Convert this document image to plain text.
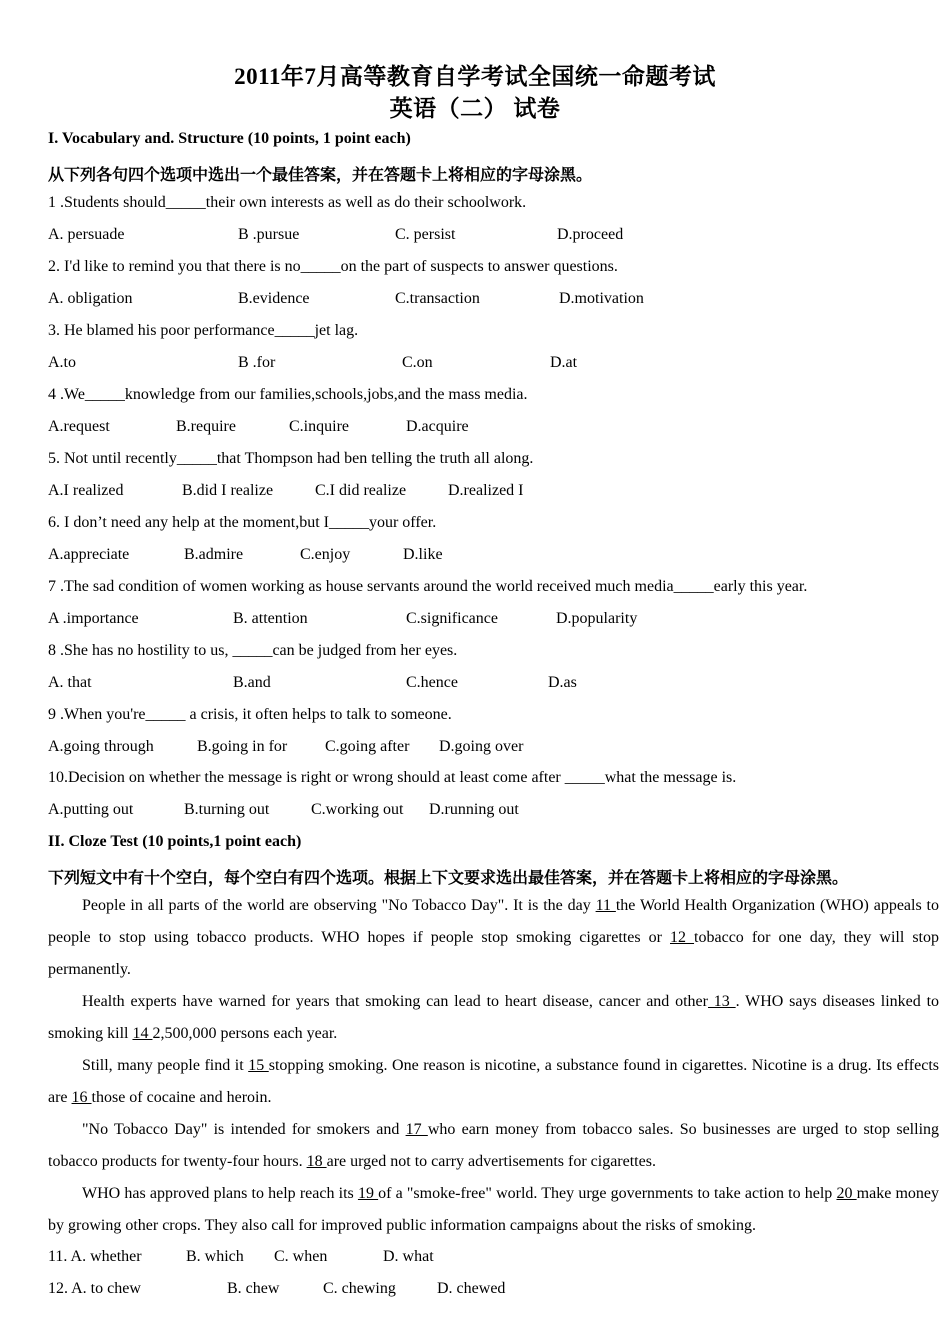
2011年7月高等教育自学考试全国统一命题考试
英语（二） 试卷
I. Vocabulary and. Structure (10 points, 1 point each)
从下列各句四个选项中选出一个最佳答案，并在答题卡上将相应的字母涂黑。
1 .Students should_____their own interests as well as do their schoolwork.
A. persuade	B .pursue	C. persist	D.proceed
2. I'd like to remind you that there is no_____on the part of suspects to answer questions.
A. obligation	B.evidence	C.transaction	D.motivation
3. He blamed his poor performance_____jet lag.
A.to	B .for	C.on	D.at
4 .We_____knowledge from our families,schools,jobs,and the mass media.
A.request	B.require	C.inquire	D.acquire
5. Not until recently_____that Thompson had ben telling the truth all along.
A.I realized	B.did I realize	C.I did realize	D.realized I
6. I don’t need any help at the moment,but I_____your offer.
A.appreciate	B.admire	C.enjoy	D.like
7 .The sad condition of women working as house servants around the world received much media_____early this year.
A .importance	B. attention	C.significance	D.popularity
8 .She has no hostility to us, _____can be judged from her eyes.
A. that	B.and	C.hence	D.as
9 .When you're_____ a crisis, it often helps to talk to someone.
A.going through	B.going in for C.going after D.going over
10.Decision on whether the message is right or wrong should at least come after _____what the message is.
A.putting out	B.turning out	C.working out D.running out
II. Cloze Test (10 points,1 point each)
下列短文中有十个空白，每个空白有四个选项。根据上下文要求选出最佳答案，并在答题卡上将相应的字母涂黑。
People in all parts of the world are observing "No Tobacco Day". It is the day 11 the World Health Organization (WHO) appeals to people to stop using tobacco products. WHO hopes if people stop smoking cigarettes or 12 tobacco for one day, they will stop permanently.
Health experts have warned for years that smoking can lead to heart disease, cancer and other 13 . WHO says diseases linked to smoking kill 14 2,500,000 persons each year.
Still, many people find it 15 stopping smoking. One reason is nicotine, a substance found in cigarettes. Nicotine is a drug. Its effects are 16 those of cocaine and heroin.
"No Tobacco Day" is intended for smokers and 17 who earn money from tobacco sales. So businesses are urged to stop selling tobacco products for twenty-four hours. 18 are urged not to carry advertisements for cigarettes.
WHO has approved plans to help reach its 19 of a "smoke-free" world. They urge governments to take action to help 20 make money by growing other crops. They also call for improved public information campaigns about the risks of smoking.
11. A. whether	B. which C. when	D. what
12. A. to chew	B. chew	C. chewing	D. chewed
